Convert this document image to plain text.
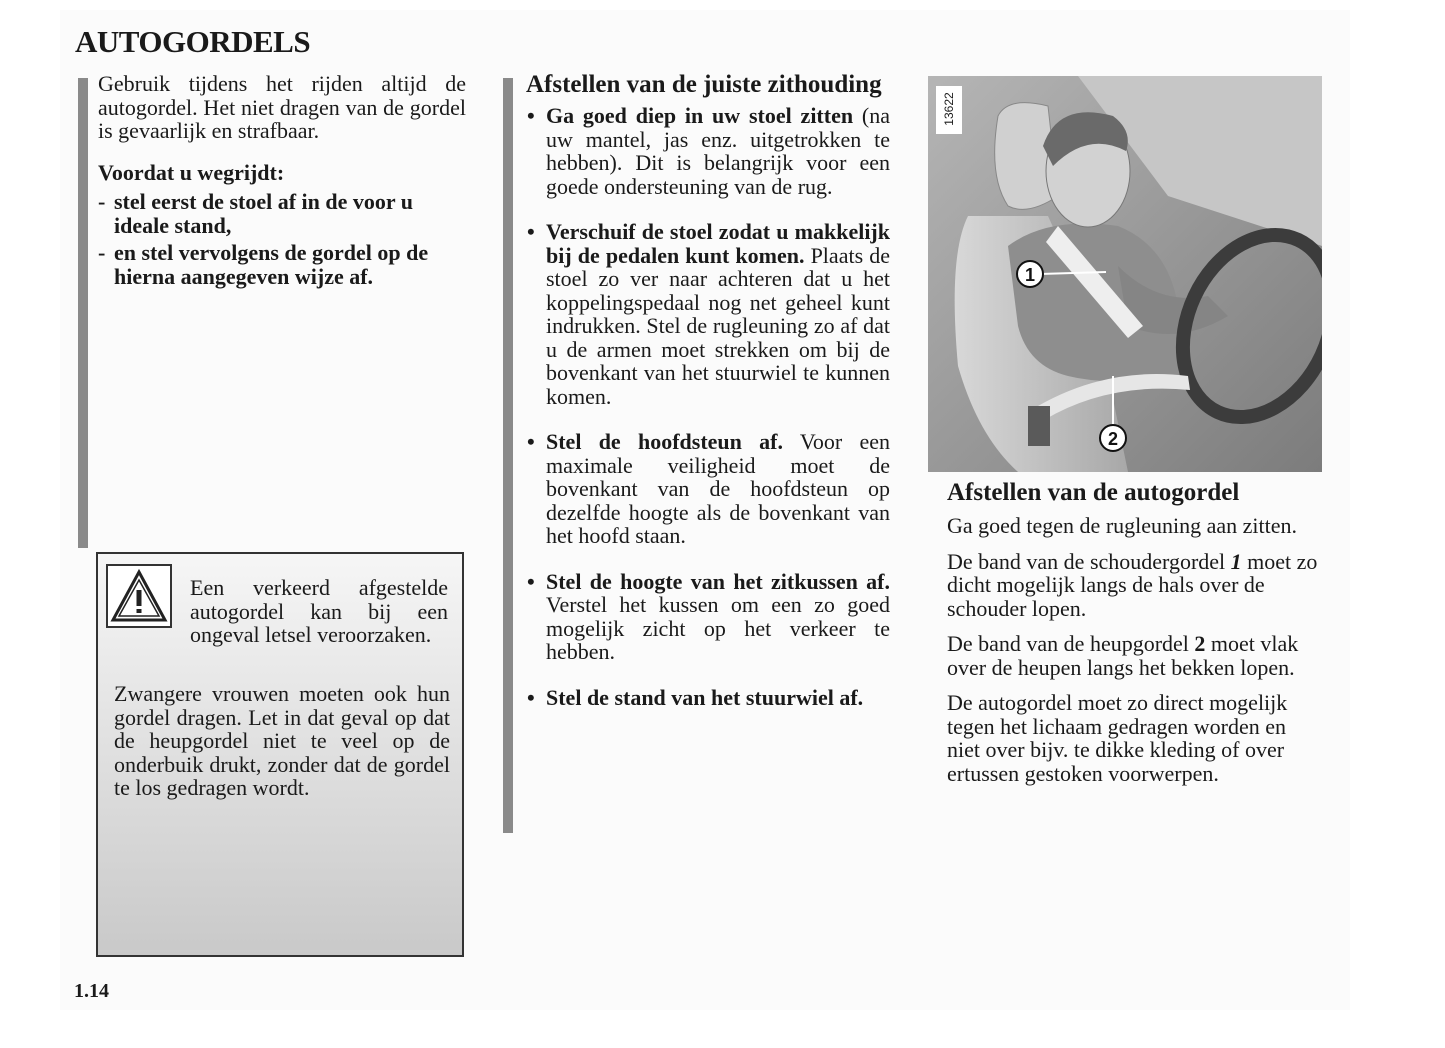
AUTOGORDELS

Gebruik tijdens het rijden altijd de autogordel. Het niet dragen van de gordel is gevaarlijk en strafbaar.

Voordat u wegrijdt:

- stel eerst de stoel af in de voor u ideale stand,
- en stel vervolgens de gordel op de hierna aangegeven wijze af.
Een verkeerd afgestelde autogordel kan bij een ongeval letsel veroorzaken.
Zwangere vrouwen moeten ook hun gordel dragen. Let in dat geval op dat de heupgordel niet te veel op de onderbuik drukt, zonder dat de gordel te los gedragen wordt.
Afstellen van de juiste zithouding
• Ga goed diep in uw stoel zitten (na uw mantel, jas enz. uitgetrokken te hebben). Dit is belangrijk voor een goede ondersteuning van de rug.
• Verschuif de stoel zodat u makkelijk bij de pedalen kunt komen. Plaats de stoel zo ver naar achteren dat u het koppelingspedaal nog net geheel kunt indrukken. Stel de rugleuning zo af dat u de armen moet strekken om bij de bovenkant van het stuurwiel te kunnen komen.
• Stel de hoofdsteun af. Voor een maximale veiligheid moet de bovenkant van de hoofdsteun op dezelfde hoogte als de bovenkant van het hoofd staan.
• Stel de hoogte van het zitkussen af. Verstel het kussen om een zo goed mogelijk zicht op het verkeer te hebben.
• Stel de stand van het stuurwiel af.
1
2
13622
Afstellen van de autogordel

Ga goed tegen de rugleuning aan zitten.

De band van de schoudergordel 1 moet zo dicht mogelijk langs de hals over de schouder lopen.

De band van de heupgordel 2 moet vlak over de heupen langs het bekken lopen.

De autogordel moet zo direct mogelijk tegen het lichaam gedragen worden en niet over bijv. te dikke kleding of over ertussen gestoken voorwerpen.

1.14
